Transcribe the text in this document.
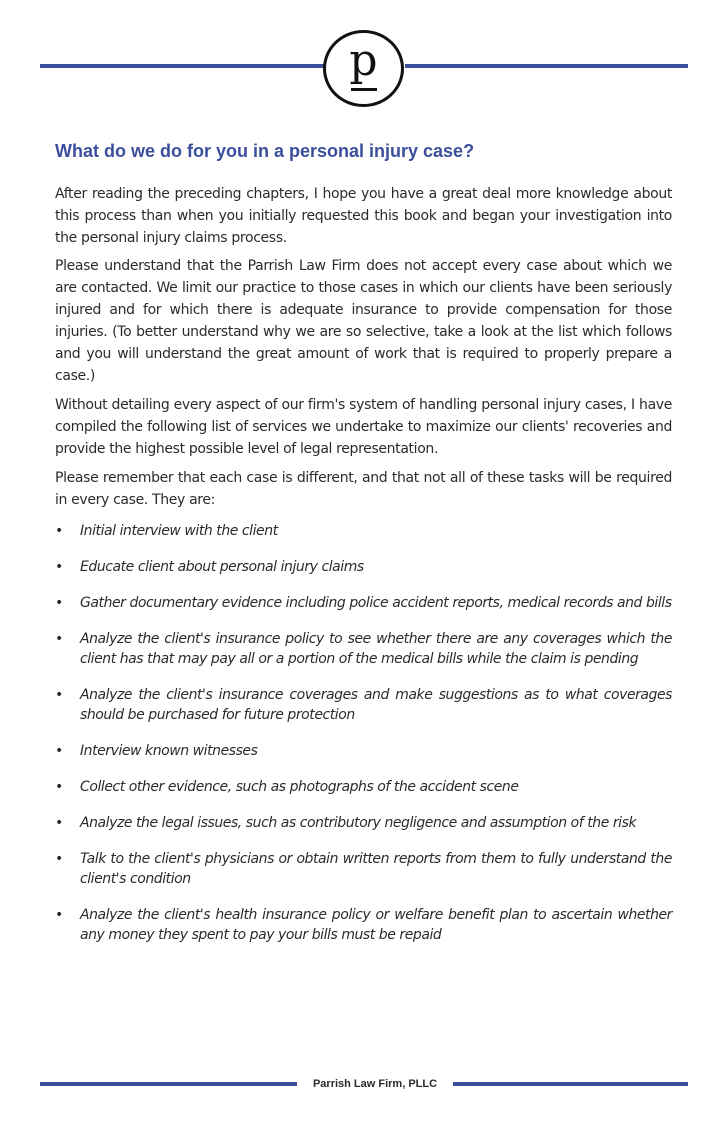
p
What do we do for you in a personal injury case?

After reading the preceding chapters, I hope you have a great deal more knowledge about this process than when you initially requested this book and began your investigation into the personal injury claims process.

Please understand that the Parrish Law Firm does not accept every case about which we are contacted. We limit our practice to those cases in which our clients have been seriously injured and for which there is adequate insurance to provide compensation for those injuries. (To better understand why we are so selective, take a look at the list which follows and you will understand the great amount of work that is required to properly prepare a case.)

Without detailing every aspect of our firm's system of handling personal injury cases, I have compiled the following list of services we undertake to maximize our clients' recoveries and provide the highest possible level of legal representation.

Please remember that each case is different, and that not all of these tasks will be required in every case. They are:

• Initial interview with the client
• Educate client about personal injury claims
• Gather documentary evidence including police accident reports, medical records and bills
• Analyze the client's insurance policy to see whether there are any coverages which the client has that may pay all or a portion of the medical bills while the claim is pending
• Analyze the client's insurance coverages and make suggestions as to what coverages should be purchased for future protection
• Interview known witnesses
• Collect other evidence, such as photographs of the accident scene
• Analyze the legal issues, such as contributory negligence and assumption of the risk
• Talk to the client's physicians or obtain written reports from them to fully understand the client's condition
• Analyze the client's health insurance policy or welfare benefit plan to ascertain whether any money they spent to pay your bills must be repaid
Parrish Law Firm, PLLC
